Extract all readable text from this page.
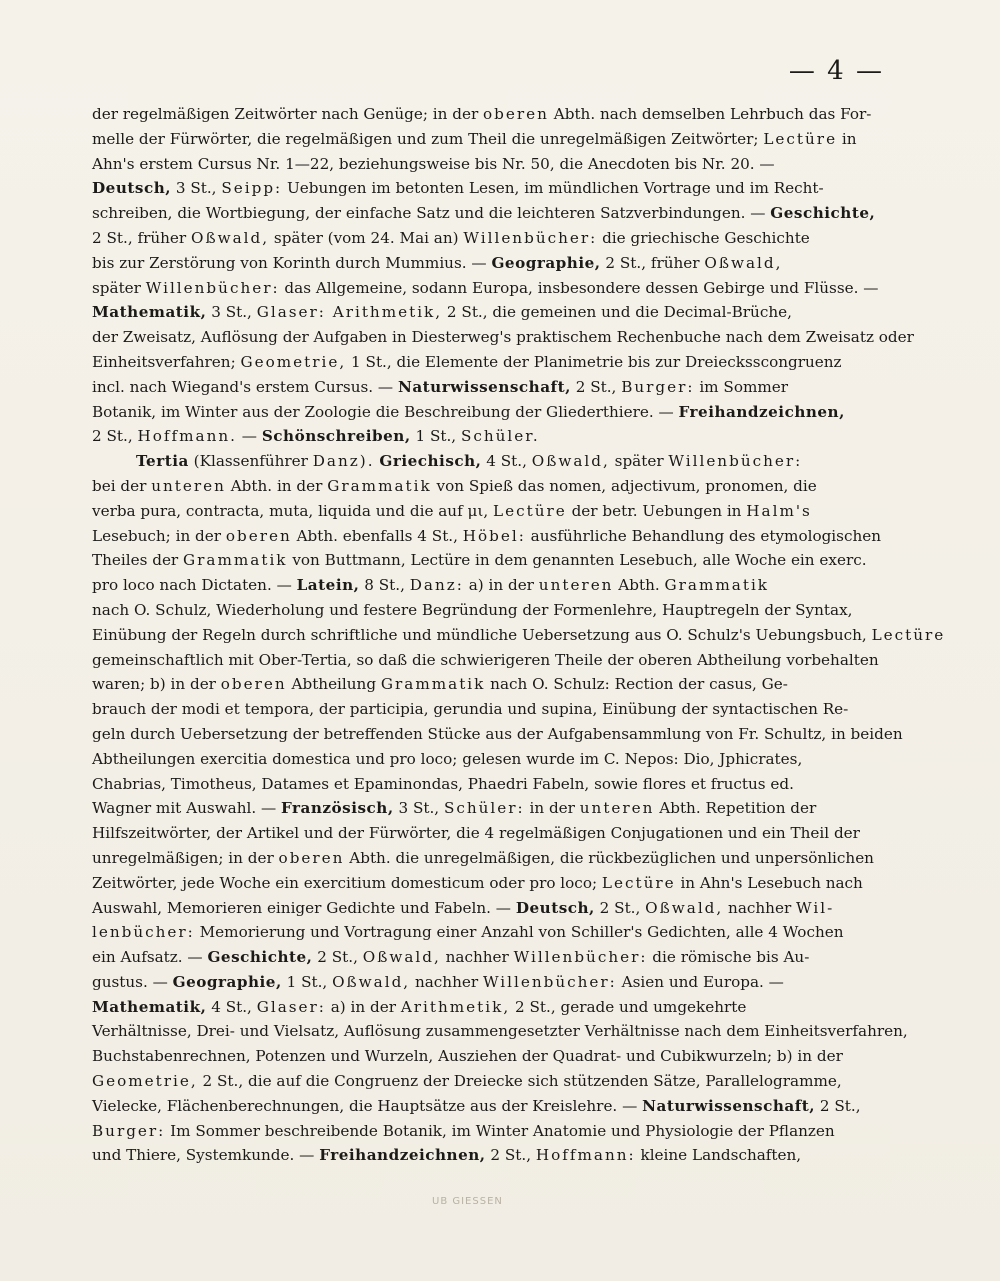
— 4 —
der regelmäßigen Zeitwörter nach Genüge; in der oberen Abth. nach demselben Lehrbuch das For-
melle der Fürwörter, die regelmäßigen und zum Theil die unregelmäßigen Zeitwörter; Lectüre in
Ahn's erstem Cursus Nr. 1—22, beziehungsweise bis Nr. 50, die Anecdoten bis Nr. 20. —
Deutsch, 3 St., Seipp: Uebungen im betonten Lesen, im mündlichen Vortrage und im Recht-
schreiben, die Wortbiegung, der einfache Satz und die leichteren Satzverbindungen. — Geschichte,
2 St., früher Oßwald, später (vom 24. Mai an) Willenbücher: die griechische Geschichte
bis zur Zerstörung von Korinth durch Mummius. — Geographie, 2 St., früher Oßwald,
später Willenbücher: das Allgemeine, sodann Europa, insbesondere dessen Gebirge und Flüsse. —
Mathematik, 3 St., Glaser: Arithmetik, 2 St., die gemeinen und die Decimal-Brüche,
der Zweisatz, Auflösung der Aufgaben in Diesterweg's praktischem Rechenbuche nach dem Zweisatz oder
Einheitsverfahren; Geometrie, 1 St., die Elemente der Planimetrie bis zur Dreiecksscongruenz
incl. nach Wiegand's erstem Cursus. — Naturwissenschaft, 2 St., Burger: im Sommer
Botanik, im Winter aus der Zoologie die Beschreibung der Gliederthiere. — Freihandzeichnen,
2 St., Hoffmann. — Schönschreiben, 1 St., Schüler.
Tertia (Klassenführer Danz). Griechisch, 4 St., Oßwald, später Willenbücher:
bei der unteren Abth. in der Grammatik von Spieß das nomen, adjectivum, pronomen, die
verba pura, contracta, muta, liquida und die auf μι, Lectüre der betr. Uebungen in Halm's
Lesebuch; in der oberen Abth. ebenfalls 4 St., Höbel: ausführliche Behandlung des etymologischen
Theiles der Grammatik von Buttmann, Lectüre in dem genannten Lesebuch, alle Woche ein exerc.
pro loco nach Dictaten. — Latein, 8 St., Danz: a) in der unteren Abth. Grammatik
nach O. Schulz, Wiederholung und festere Begründung der Formenlehre, Hauptregeln der Syntax,
Einübung der Regeln durch schriftliche und mündliche Uebersetzung aus O. Schulz's Uebungsbuch, Lectüre
gemeinschaftlich mit Ober-Tertia, so daß die schwierigeren Theile der oberen Abtheilung vorbehalten
waren; b) in der oberen Abtheilung Grammatik nach O. Schulz: Rection der casus, Ge-
brauch der modi et tempora, der participia, gerundia und supina, Einübung der syntactischen Re-
geln durch Uebersetzung der betreffenden Stücke aus der Aufgabensammlung von Fr. Schultz, in beiden
Abtheilungen exercitia domestica und pro loco; gelesen wurde im C. Nepos: Dio, Jphicrates,
Chabrias, Timotheus, Datames et Epaminondas, Phaedri Fabeln, sowie flores et fructus ed.
Wagner mit Auswahl. — Französisch, 3 St., Schüler: in der unteren Abth. Repetition der
Hilfszeitwörter, der Artikel und der Fürwörter, die 4 regelmäßigen Conjugationen und ein Theil der
unregelmäßigen; in der oberen Abth. die unregelmäßigen, die rückbezüglichen und unpersönlichen
Zeitwörter, jede Woche ein exercitium domesticum oder pro loco; Lectüre in Ahn's Lesebuch nach
Auswahl, Memorieren einiger Gedichte und Fabeln. — Deutsch, 2 St., Oßwald, nachher Wil-
lenbücher: Memorierung und Vortragung einer Anzahl von Schiller's Gedichten, alle 4 Wochen
ein Aufsatz. — Geschichte, 2 St., Oßwald, nachher Willenbücher: die römische bis Au-
gustus. — Geographie, 1 St., Oßwald, nachher Willenbücher: Asien und Europa. —
Mathematik, 4 St., Glaser: a) in der Arithmetik, 2 St., gerade und umgekehrte
Verhältnisse, Drei- und Vielsatz, Auflösung zusammengesetzter Verhältnisse nach dem Einheitsverfahren,
Buchstabenrechnen, Potenzen und Wurzeln, Ausziehen der Quadrat- und Cubikwurzeln; b) in der
Geometrie, 2 St., die auf die Congruenz der Dreiecke sich stützenden Sätze, Parallelogramme,
Vielecke, Flächenberechnungen, die Hauptsätze aus der Kreislehre. — Naturwissenschaft, 2 St.,
Burger: Im Sommer beschreibende Botanik, im Winter Anatomie und Physiologie der Pflanzen
und Thiere, Systemkunde. — Freihandzeichnen, 2 St., Hoffmann: kleine Landschaften,
UB GIESSEN
